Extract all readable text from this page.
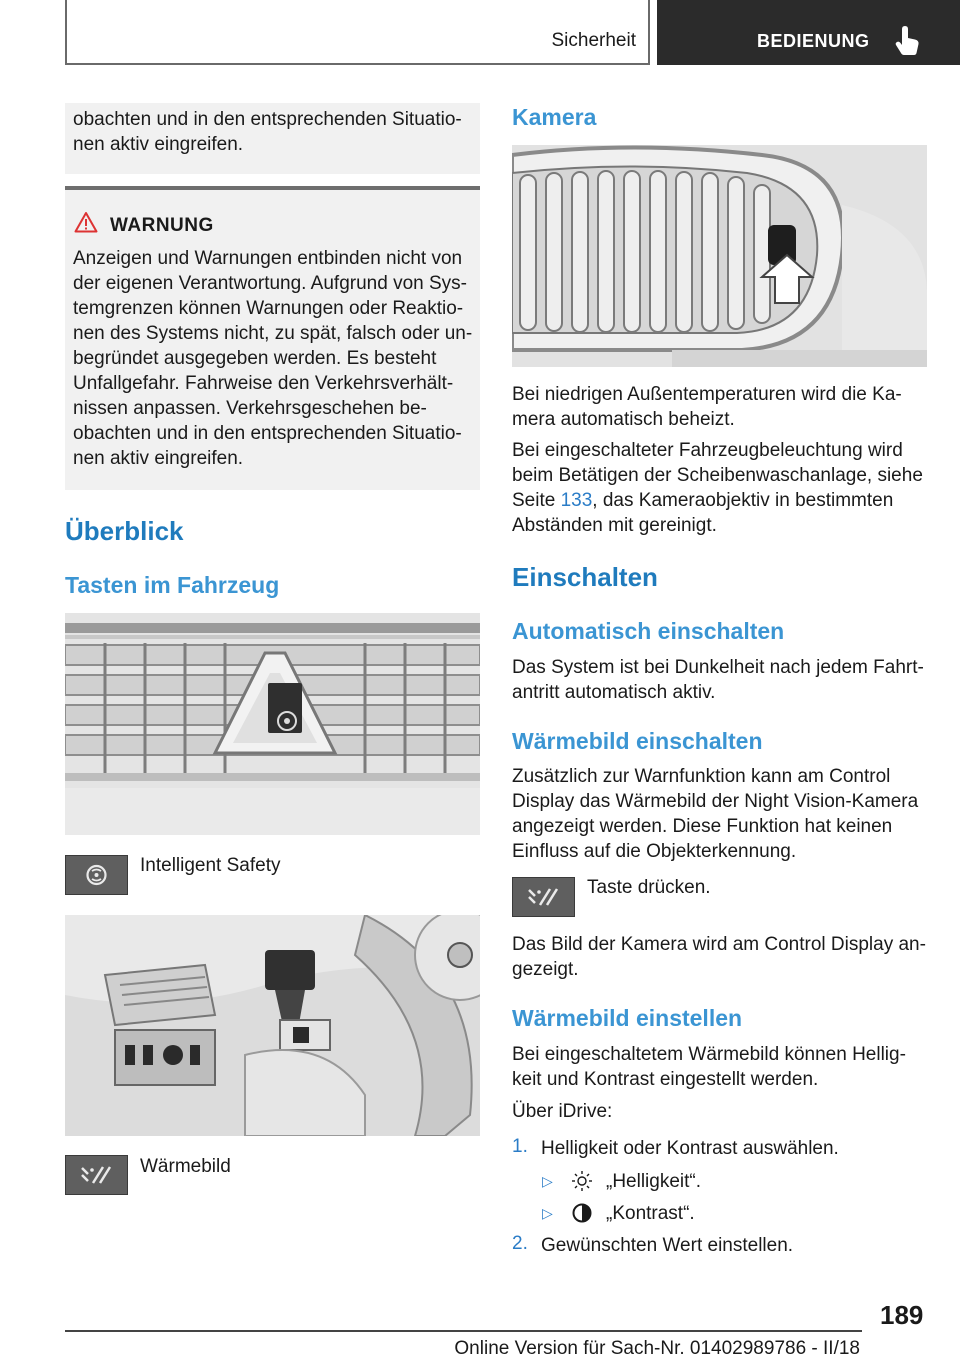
Sicherheit	BEDIENUNG
obachten und in den entsprechenden Situatio-
nen aktiv eingreifen.
WARNUNG
Anzeigen und Warnungen entbinden nicht von
der eigenen Verantwortung. Aufgrund von Sys-
temgrenzen können Warnungen oder Reaktio-
nen des Systems nicht, zu spät, falsch oder un-
begründet ausgegeben werden. Es besteht
Unfallgefahr. Fahrweise den Verkehrsverhält-
nissen anpassen. Verkehrsgeschehen be-
obachten und in den entsprechenden Situatio-
nen aktiv eingreifen.
Überblick
Tasten im Fahrzeug
Intelligent Safety
Wärmebild
Kamera
Bei niedrigen Außentemperaturen wird die Ka-
mera automatisch beheizt.
Bei eingeschalteter Fahrzeugbeleuchtung wird
beim Betätigen der Scheibenwaschanlage, siehe
Seite 133, das Kameraobjektiv in bestimmten
Abständen mit gereinigt.
Einschalten
Automatisch einschalten
Das System ist bei Dunkelheit nach jedem Fahrt-
antritt automatisch aktiv.
Wärmebild einschalten
Zusätzlich zur Warnfunktion kann am Control
Display das Wärmebild der Night Vision-Kamera
angezeigt werden. Diese Funktion hat keinen
Einfluss auf die Objekterkennung.
Taste drücken.
Das Bild der Kamera wird am Control Display an-
gezeigt.
Wärmebild einstellen
Bei eingeschaltetem Wärmebild können Hellig-
keit und Kontrast eingestellt werden.
Über iDrive:
1. Helligkeit oder Kontrast auswählen.
▷	„Helligkeit“.
▷	„Kontrast“.
2. Gewünschten Wert einstellen.
189
Online Version für Sach-Nr. 01402989786 - II/18
